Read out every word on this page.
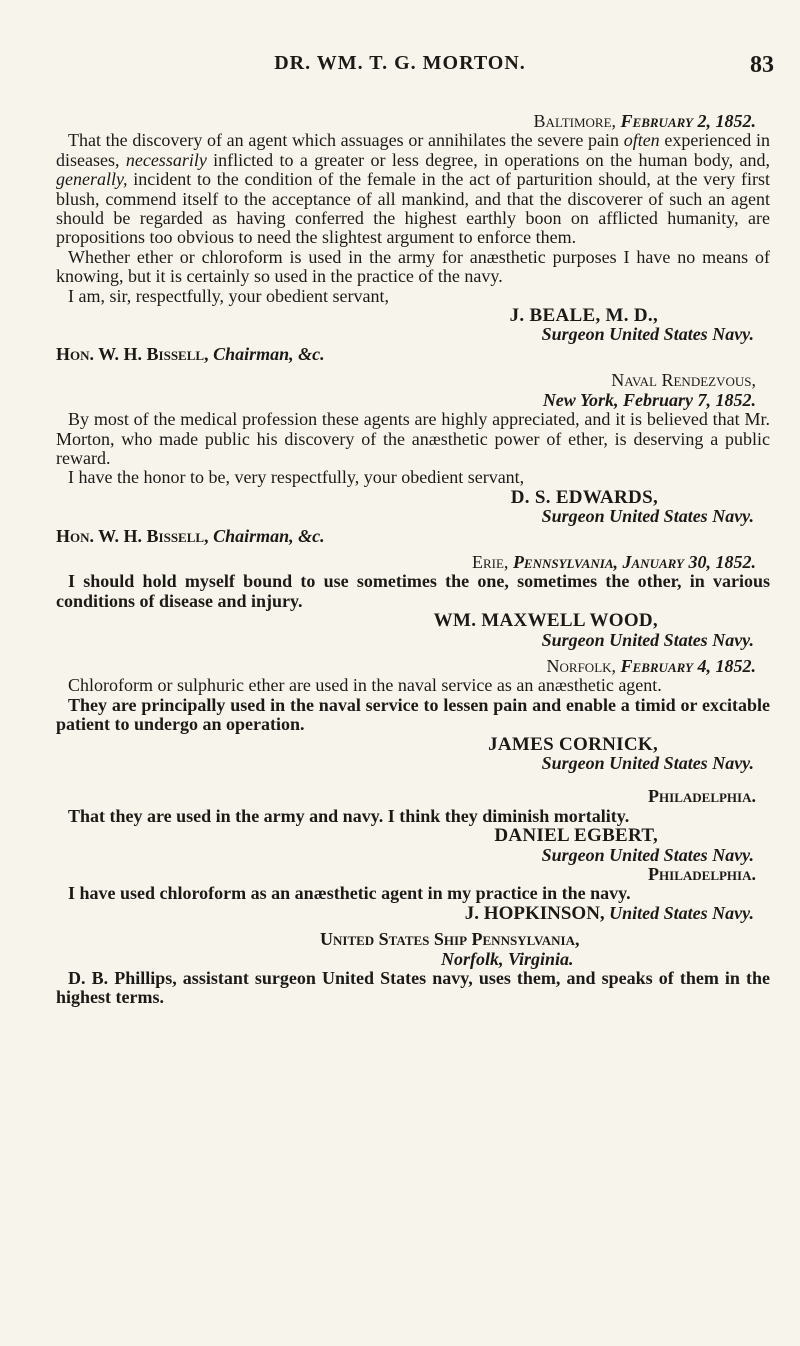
DR. WM. T. G. MORTON.	83

Baltimore, February 2, 1852.

That the discovery of an agent which assuages or annihilates the severe pain often experienced in diseases, necessarily inflicted to a greater or less degree, in operations on the human body, and, generally, incident to the condition of the female in the act of parturition should, at the very first blush, commend itself to the acceptance of all mankind, and that the discoverer of such an agent should be regarded as having conferred the highest earthly boon on afflicted humanity, are propositions too obvious to need the slightest argument to enforce them.

Whether ether or chloroform is used in the army for anæsthetic purposes I have no means of knowing, but it is certainly so used in the practice of the navy.

I am, sir, respectfully, your obedient servant,

J. BEALE, M. D.,

Surgeon United States Navy.

Hon. W. H. Bissell, Chairman, &c.

Naval Rendezvous,

New York, February 7, 1852.

By most of the medical profession these agents are highly appreciated, and it is believed that Mr. Morton, who made public his discovery of the anæsthetic power of ether, is deserving a public reward.

I have the honor to be, very respectfully, your obedient servant,

D. S. EDWARDS,

Surgeon United States Navy.

Hon. W. H. Bissell, Chairman, &c.

Erie, Pennsylvania, January 30, 1852.

I should hold myself bound to use sometimes the one, sometimes the other, in various conditions of disease and injury.

WM. MAXWELL WOOD,

Surgeon United States Navy.

Norfolk, February 4, 1852.

Chloroform or sulphuric ether are used in the naval service as an anæsthetic agent.

They are principally used in the naval service to lessen pain and enable a timid or excitable patient to undergo an operation.

JAMES CORNICK,

Surgeon United States Navy.

Philadelphia.

That they are used in the army and navy. I think they diminish mortality.

DANIEL EGBERT,

Surgeon United States Navy.

Philadelphia.

I have used chloroform as an anæsthetic agent in my practice in the navy.

J. HOPKINSON, United States Navy.

United States Ship Pennsylvania,

Norfolk, Virginia.

D. B. Phillips, assistant surgeon United States navy, uses them, and speaks of them in the highest terms.
